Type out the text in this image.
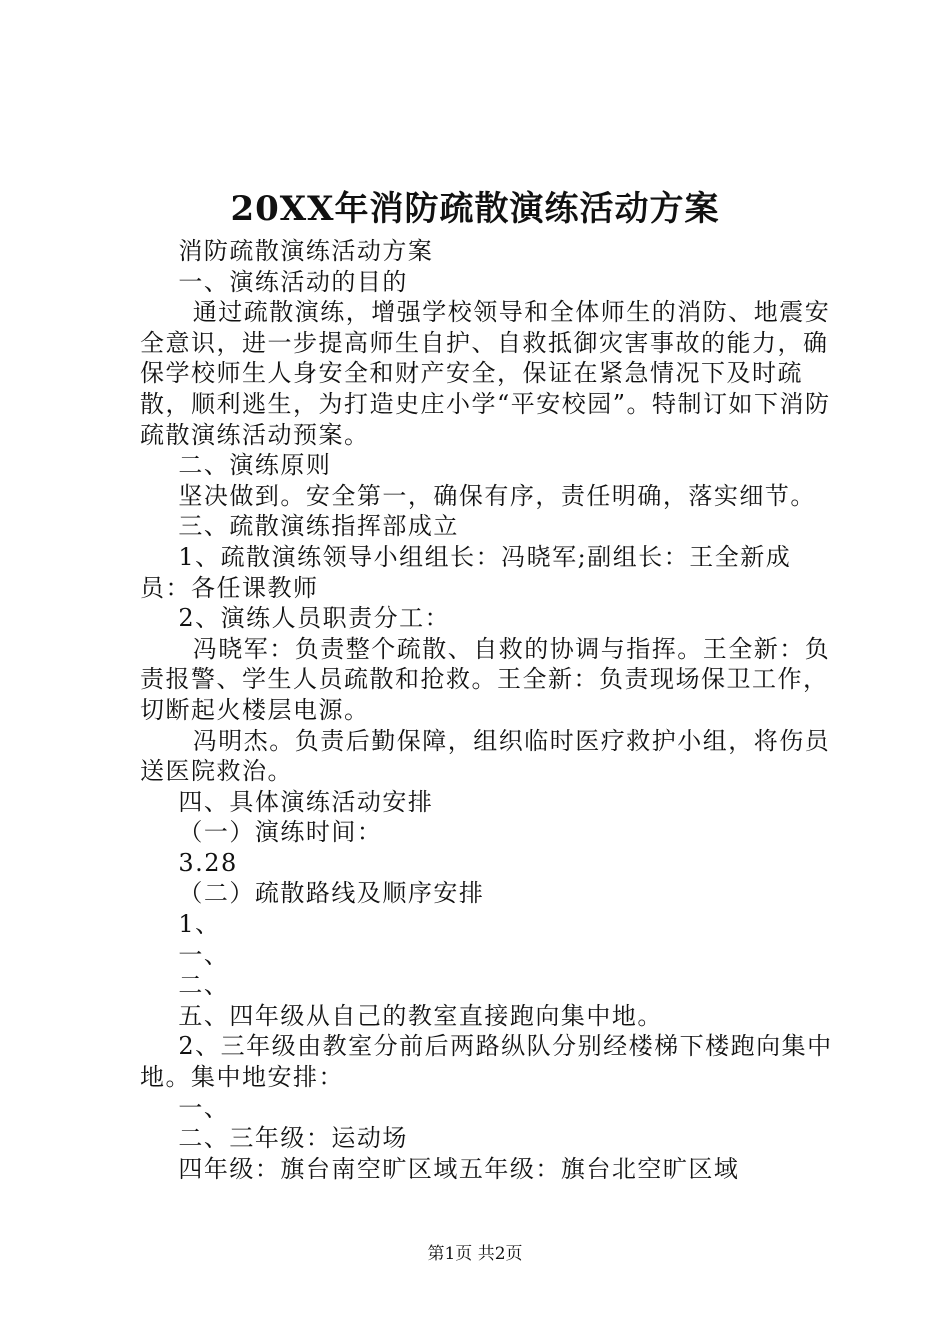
20XX年消防疏散演练活动方案

消防疏散演练活动方案

一、演练活动的目的

通过疏散演练，增强学校领导和全体师生的消防、地震安全意识，进一步提高师生自护、自救抵御灾害事故的能力，确保学校师生人身安全和财产安全，保证在紧急情况下及时疏散，顺利逃生，为打造史庄小学“平安校园”。特制订如下消防疏散演练活动预案。

二、演练原则

坚决做到。安全第一，确保有序，责任明确，落实细节。

三、疏散演练指挥部成立

1、疏散演练领导小组组长：冯晓军;副组长：王全新成员：各任课教师

2、演练人员职责分工：

冯晓军：负责整个疏散、自救的协调与指挥。王全新：负责报警、学生人员疏散和抢救。王全新：负责现场保卫工作，切断起火楼层电源。

冯明杰。负责后勤保障，组织临时医疗救护小组，将伤员送医院救治。

四、具体演练活动安排

（一）演练时间：

3.28

（二）疏散路线及顺序安排

1、

一、

二、

五、四年级从自己的教室直接跑向集中地。

2、三年级由教室分前后两路纵队分别经楼梯下楼跑向集中地。集中地安排：

一、

二、三年级：运动场

四年级：旗台南空旷区域五年级：旗台北空旷区域

第1页 共2页
